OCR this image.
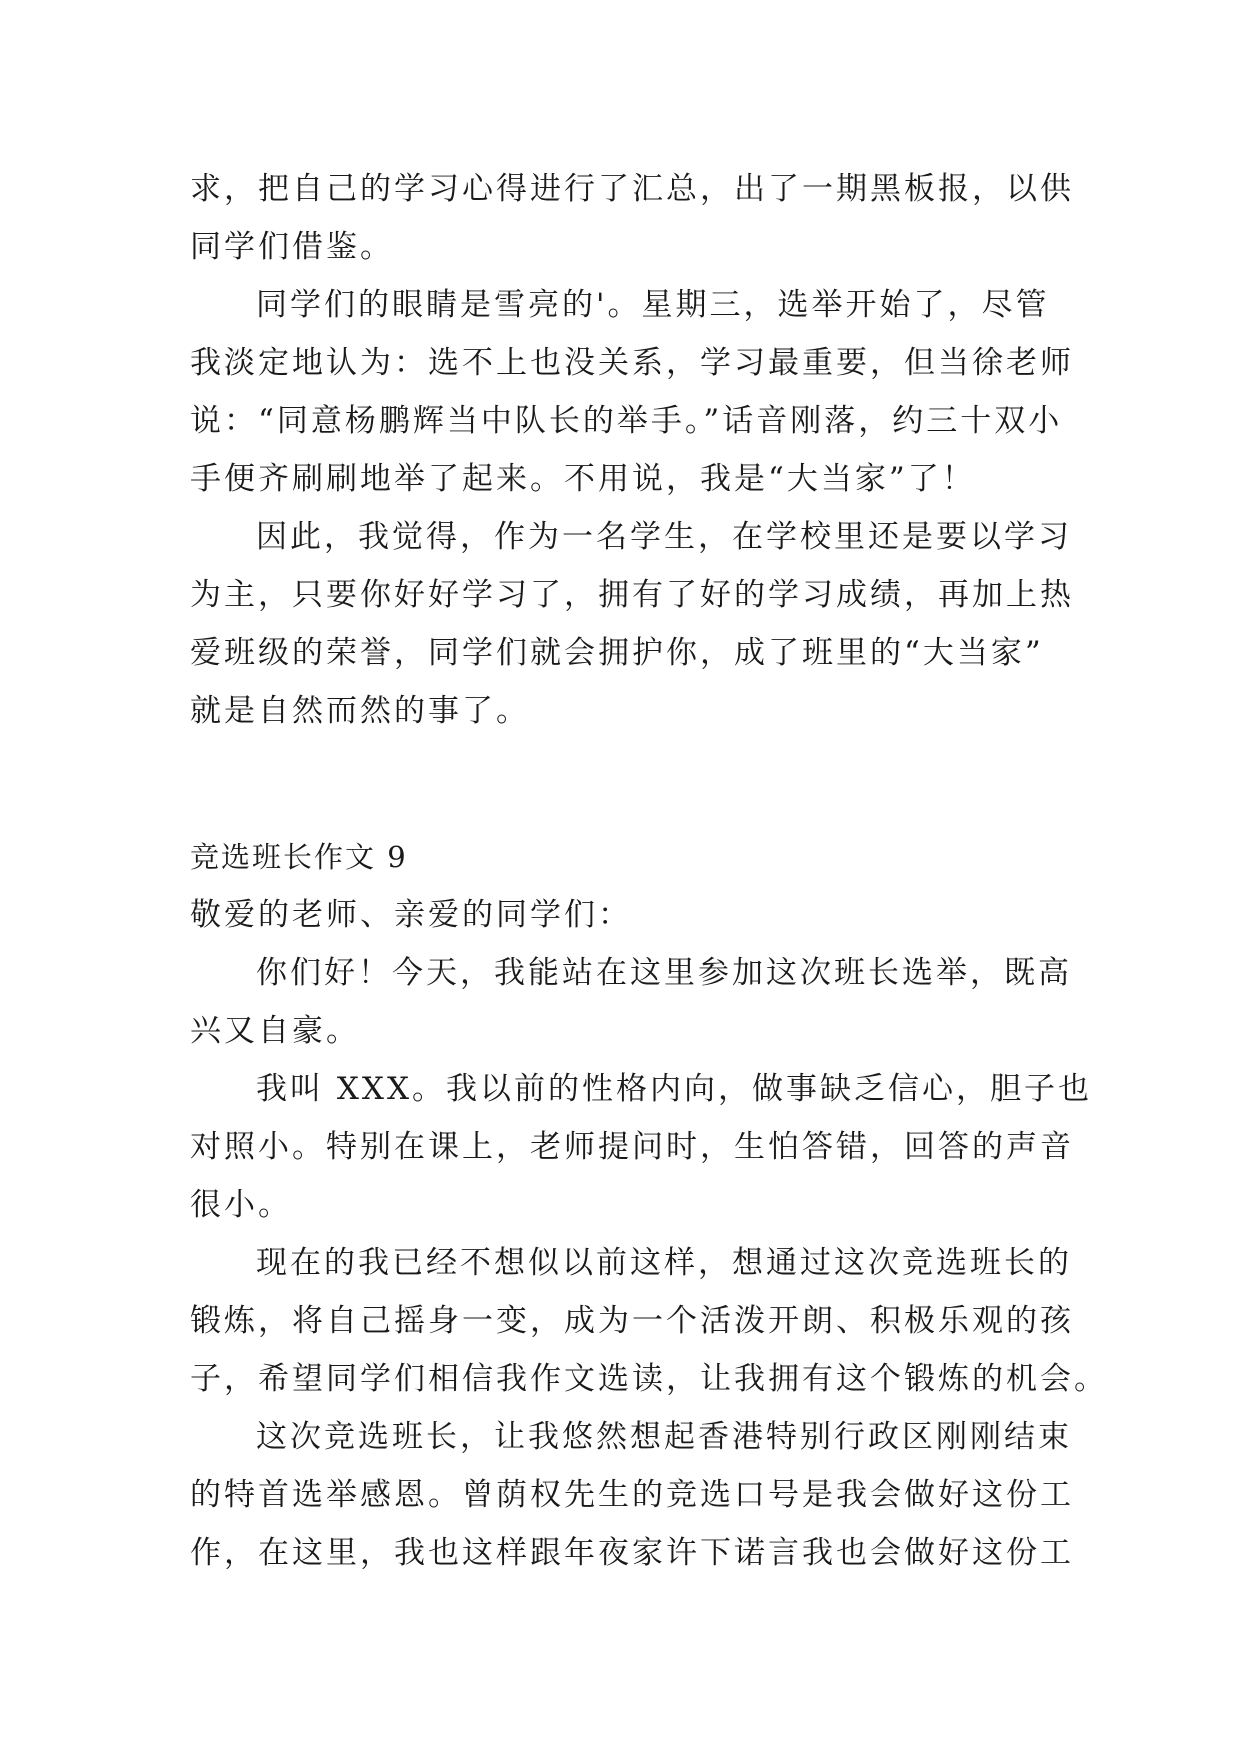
求，把自己的学习心得进行了汇总，出了一期黑板报，以供
同学们借鉴。
同学们的眼睛是雪亮的'。星期三，选举开始了，尽管
我淡定地认为：选不上也没关系，学习最重要，但当徐老师
说：“同意杨鹏辉当中队长的举手。”话音刚落，约三十双小
手便齐刷刷地举了起来。不用说，我是“大当家”了！
因此，我觉得，作为一名学生，在学校里还是要以学习
为主，只要你好好学习了，拥有了好的学习成绩，再加上热
爱班级的荣誉，同学们就会拥护你，成了班里的“大当家”
就是自然而然的事了。
竞选班长作文 9
敬爱的老师、亲爱的同学们：
你们好！今天，我能站在这里参加这次班长选举，既高
兴又自豪。
我叫 XXX。我以前的性格内向，做事缺乏信心，胆子也
对照小。特别在课上，老师提问时，生怕答错，回答的声音
很小。
现在的我已经不想似以前这样，想通过这次竞选班长的
锻炼，将自己摇身一变，成为一个活泼开朗、积极乐观的孩
子，希望同学们相信我作文选读，让我拥有这个锻炼的机会。
这次竞选班长，让我悠然想起香港特别行政区刚刚结束
的特首选举感恩。曾荫权先生的竞选口号是我会做好这份工
作，在这里，我也这样跟年夜家许下诺言我也会做好这份工
